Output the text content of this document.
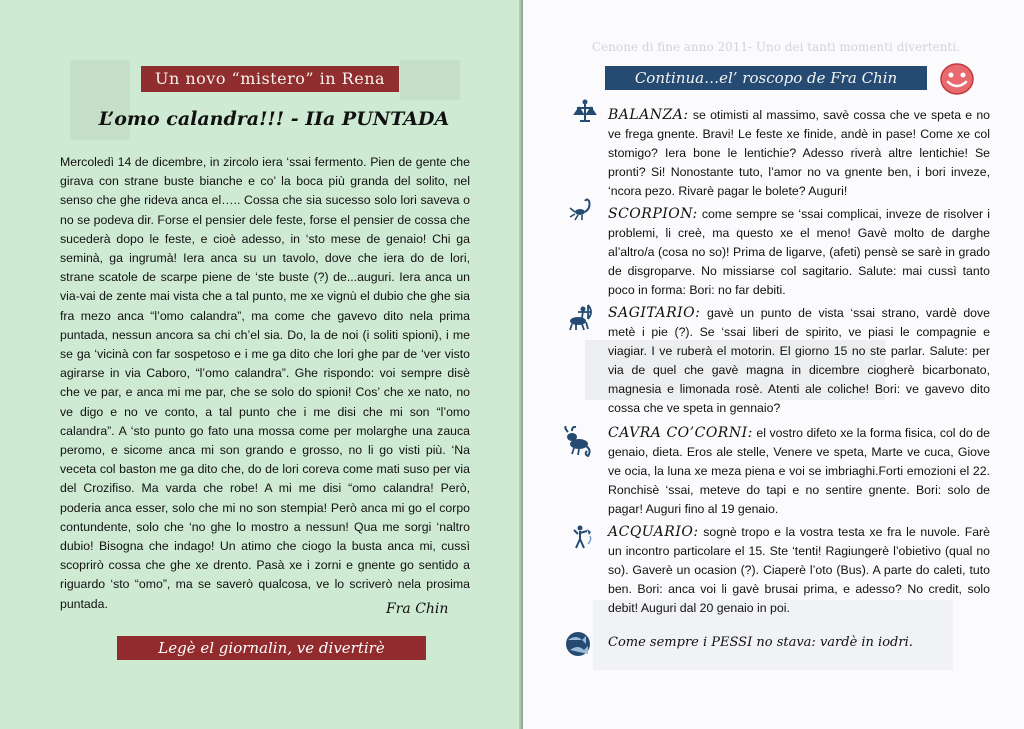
Un novo “mistero” in Rena
L’omo calandra!!! - IIa PUNTADA
Mercoledì 14 de dicembre, in zircolo iera ‘ssai fermento. Pien de gente che girava con strane buste bianche e co’ la boca più granda del solito, nel senso che ghe rideva anca el….. Cossa che sia sucesso solo lori saveva o no se podeva dir. Forse el pensier dele feste, forse el pensier de cossa che sucederà dopo le feste, e cioè adesso, in ‘sto mese de genaio! Chi ga seminà, ga ingrumà! Iera anca su un tavolo, dove che iera do de lori, strane scatole de scarpe piene de ‘ste buste (?) de...auguri. Iera anca un via-vai de zente mai vista che a tal punto, me xe vignù el dubio che ghe sia fra mezo anca “l’omo calandra”, ma come che gavevo dito nela prima puntada, nessun ancora sa chi ch’el sia. Do, la de noi (i soliti spioni), i me se ga ‘vicinà con far sospetoso e i me ga dito che lori ghe par de ‘ver visto agirarse in via Caboro, “l’omo calandra”. Ghe rispondo: voi sempre disè che ve par, e anca mi me par, che se solo do spioni! Cos’ che xe nato, no ve digo e no ve conto, a tal punto che i me disi che mi son “l’omo calandra”. A ‘sto punto go fato una mossa come per molarghe una zauca peromo, e sicome anca mi son grando e grosso, no li go visti più. ‘Na veceta col baston me ga dito che, do de lori coreva come mati suso per via del Crozifiso. Ma varda che robe! A mi me disi “omo calandra! Però, poderia anca esser, solo che mi no son stempia! Però anca mi go el corpo contundente, solo che ‘no ghe lo mostro a nessun! Qua me sorgi ‘naltro dubio! Bisogna che indago! Un atimo che ciogo la busta anca mi, cussì scoprirò cossa che ghe xe drento. Pasà xe i zorni e gnente go sentido a riguardo ‘sto “omo”, ma se saverò qualcosa, ve lo scriverò nela prosima puntada.	Fra Chin
Legè el giornalin, ve divertirè
Cenone di fine anno 2011- Uno dei tanti momenti divertenti.
Continua…el’ roscopo de Fra Chin
BALANZA: se otimisti al massimo, savè cossa che ve speta e no ve frega gnente. Bravi! Le feste xe finide, andè in pase! Come xe col stomigo? Iera bone le lentichie? Adesso riverà altre lentichie! Se pronti? Si! Nonostante tuto, l’amor no va gnente ben, i bori inveze, ‘ncora pezo. Rivarè pagar le bolete? Auguri!
SCORPION: come sempre se ‘ssai complicai, inveze de risolver i problemi, li creè, ma questo xe el meno! Gavè molto de darghe al’altro/a (cosa no so)! Prima de ligarve, (afeti) pensè se sarè in grado de disgroparve. No missiarse col sagitario. Salute: mai cussì tanto poco in forma: Bori: no far debiti.
SAGITARIO: gavè un punto de vista ‘ssai strano, vardè dove metè i pie (?). Se ‘ssai liberi de spirito, ve piasi le compagnie e viagiar. I ve ruberà el motorin. El giorno 15 no ste parlar. Salute: per via de quel che gavè magna in dicembre ciogherè bicarbonato, magnesia e limonada rosè. Atenti ale coliche! Bori: ve gavevo dito cossa che ve speta in gennaio?
CAVRA CO’CORNI: el vostro difeto xe la forma fisica, col do de genaio, dieta. Eros ale stelle, Venere ve speta, Marte ve cuca, Giove ve ocia, la luna xe meza piena e voi se imbriaghi.Forti emozioni el 22. Ronchisè ‘ssai, meteve do tapi e no sentire gnente. Bori: solo de pagar! Auguri fino al 19 genaio.
ACQUARIO: sognè tropo e la vostra testa xe fra le nuvole. Farè un incontro particolare el 15. Ste ‘tenti! Ragiungerè l’obietivo (qual no so). Gaverè un ocasion (?). Ciaperè l’oto (Bus). A parte do caleti, tuto ben. Bori: anca voi li gavè brusai prima, e adesso? No credit, solo debit! Auguri dal 20 genaio in poi.
Come sempre i PESSI no stava: vardè in iodri.
